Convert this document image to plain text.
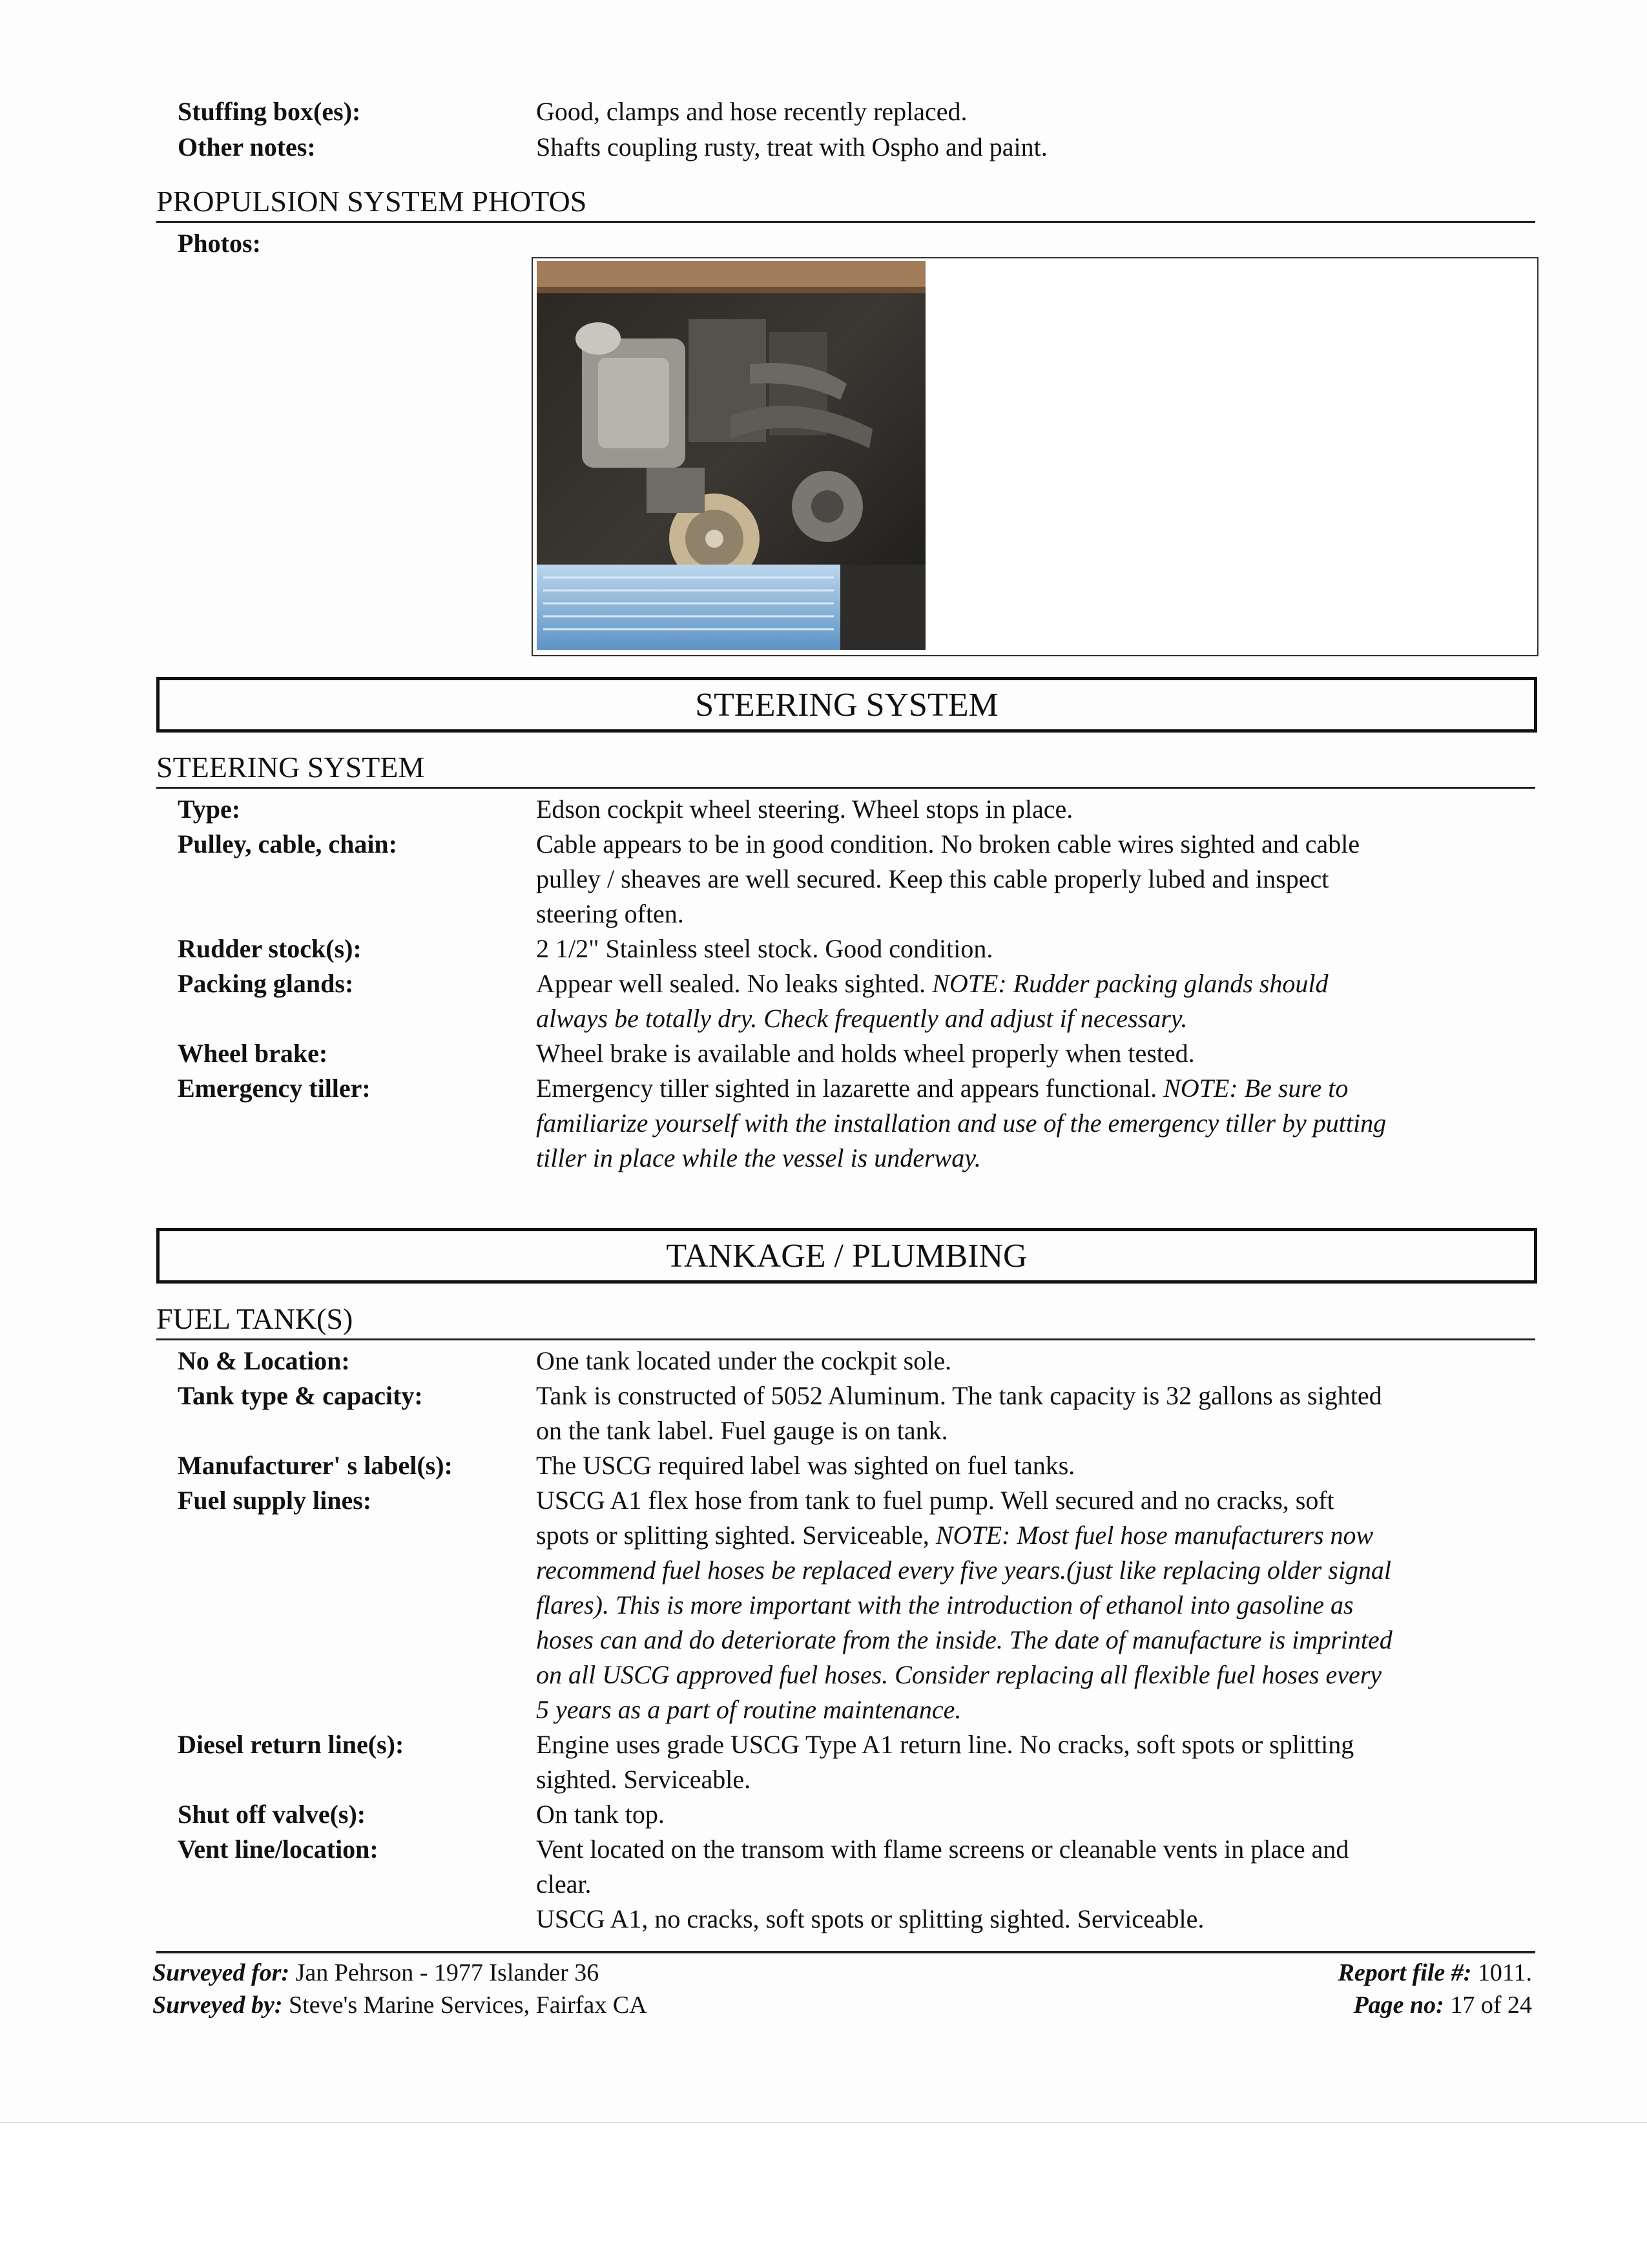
Stuffing box(es):	Good, clamps and hose recently replaced.
Other notes:	Shafts coupling rusty, treat with Ospho and paint.
PROPULSION SYSTEM PHOTOS
Photos:
STEERING SYSTEM
STEERING SYSTEM
Type:	Edson cockpit wheel steering. Wheel stops in place.
Pulley, cable, chain:	Cable appears to be in good condition. No broken cable wires sighted and cable
pulley / sheaves are well secured. Keep this cable properly lubed and inspect
steering often.
Rudder stock(s):	2 1/2" Stainless steel stock. Good condition.
Packing glands:	Appear well sealed. No leaks sighted. NOTE: Rudder packing glands should
always be totally dry. Check frequently and adjust if necessary.
Wheel brake:	Wheel brake is available and holds wheel properly when tested.
Emergency tiller:	Emergency tiller sighted in lazarette and appears functional. NOTE: Be sure to
familiarize yourself with the installation and use of the emergency tiller by putting
tiller in place while the vessel is underway.
TANKAGE / PLUMBING
FUEL TANK(S)
No & Location:	One tank located under the cockpit sole.
Tank type & capacity:	Tank is constructed of 5052 Aluminum. The tank capacity is 32 gallons as sighted
on the tank label. Fuel gauge is on tank.
Manufacturer' s label(s):	The USCG required label was sighted on fuel tanks.
Fuel supply lines:	USCG A1 flex hose from tank to fuel pump. Well secured and no cracks, soft
spots or splitting sighted. Serviceable, NOTE: Most fuel hose manufacturers now
recommend fuel hoses be replaced every five years.(just like replacing older signal
flares). This is more important with the introduction of ethanol into gasoline as
hoses can and do deteriorate from the inside. The date of manufacture is imprinted
on all USCG approved fuel hoses. Consider replacing all flexible fuel hoses every
5 years as a part of routine maintenance.
Diesel return line(s):	Engine uses grade USCG Type A1 return line. No cracks, soft spots or splitting
sighted. Serviceable.
Shut off valve(s):	On tank top.
Vent line/location:	Vent located on the transom with flame screens or cleanable vents in place and
clear.
USCG A1, no cracks, soft spots or splitting sighted. Serviceable.
Surveyed for: Jan Pehrson - 1977 Islander 36
Surveyed by: Steve's Marine Services, Fairfax CA
Report file #: 1011.
Page no: 17 of 24
